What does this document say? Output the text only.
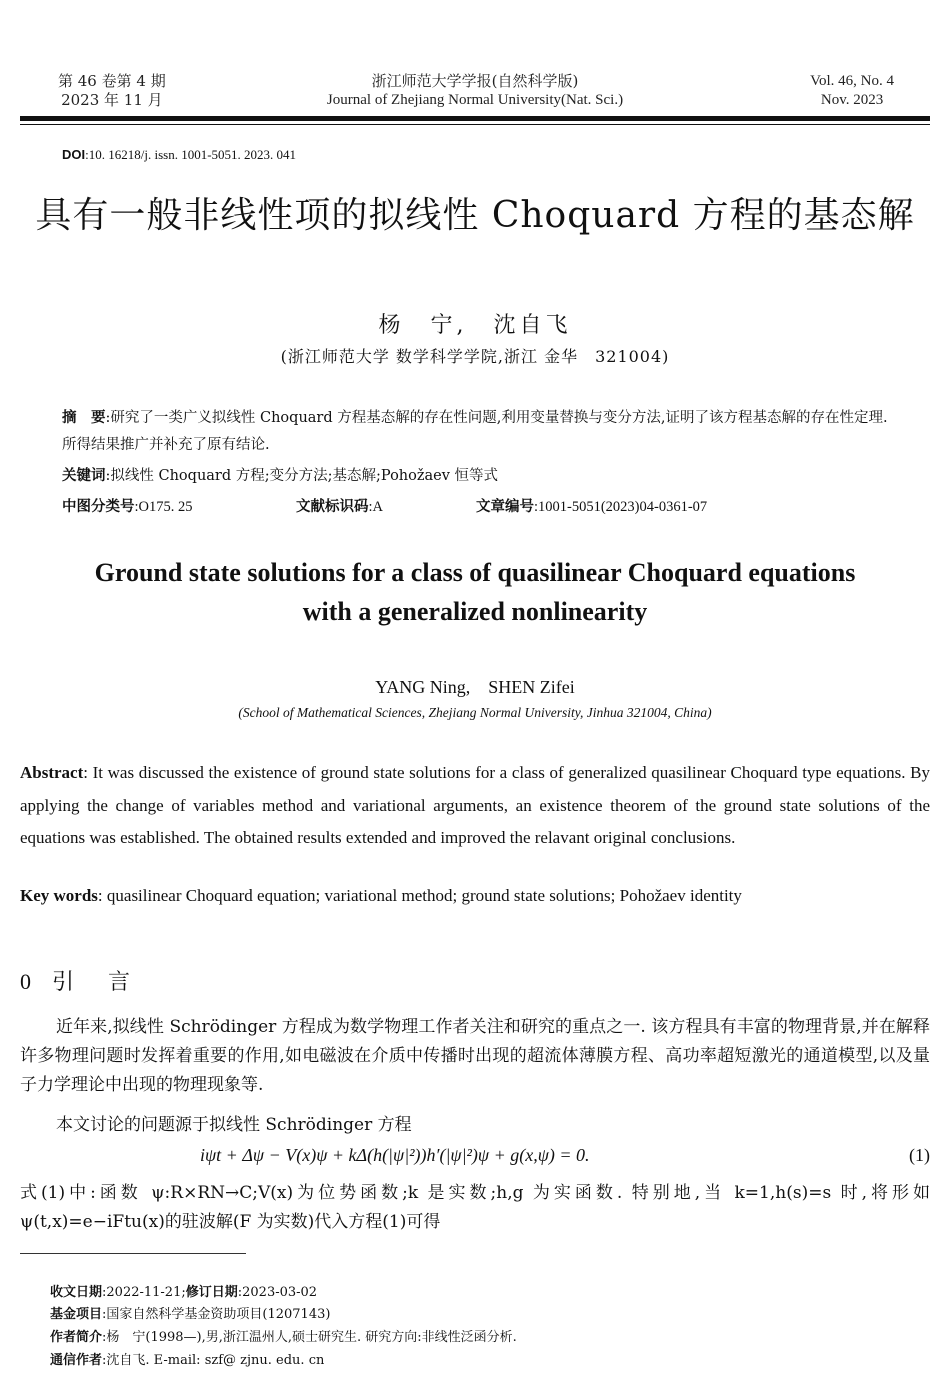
第 46 卷第 4 期
2023 年 11 月
浙江师范大学学报(自然科学版)
Journal of Zhejiang Normal University(Nat. Sci.)
Vol. 46, No. 4
Nov. 2023
DOI:10. 16218/j. issn. 1001-5051. 2023. 041
具有一般非线性项的拟线性 Choquard 方程的基态解
杨　宁,　沈自飞
(浙江师范大学 数学科学学院,浙江 金华　321004)
摘　要:研究了一类广义拟线性 Choquard 方程基态解的存在性问题,利用变量替换与变分方法,证明了该方程基态解的存在性定理. 所得结果推广并补充了原有结论.
关键词:拟线性 Choquard 方程;变分方法;基态解;Pohožaev 恒等式
中图分类号:O175. 25	文献标识码:A	文章编号:1001-5051(2023)04-0361-07
Ground state solutions for a class of quasilinear Choquard equations
with a generalized nonlinearity
YANG Ning,　SHEN Zifei
(School of Mathematical Sciences, Zhejiang Normal University, Jinhua 321004, China)
Abstract: It was discussed the existence of ground state solutions for a class of generalized quasilinear Choquard type equations. By applying the change of variables method and variational arguments, an existence theorem of the ground state solutions of the equations was established. The obtained results extended and improved the relavant original conclusions.
Key words: quasilinear Choquard equation; variational method; ground state solutions; Pohožaev identity
0 引　言
近年来,拟线性 Schrödinger 方程成为数学物理工作者关注和研究的重点之一. 该方程具有丰富的物理背景,并在解释许多物理问题时发挥着重要的作用,如电磁波在介质中传播时出现的超流体薄膜方程、高功率超短激光的通道模型,以及量子力学理论中出现的物理现象等.
本文讨论的问题源于拟线性 Schrödinger 方程
iψt + Δψ − V(x)ψ + kΔ(h(|ψ|²))h′(|ψ|²)ψ + g(x,ψ) = 0.	(1)
式(1)中:函数 ψ:R×RN→C;V(x)为位势函数;k 是实数;h,g 为实函数. 特别地,当 k=1,h(s)=s 时,将形如 ψ(t,x)=e−iFtu(x)的驻波解(F 为实数)代入方程(1)可得
收文日期:2022-11-21;修订日期:2023-03-02
基金项目:国家自然科学基金资助项目(1207143)
作者简介:杨　宁(1998—),男,浙江温州人,硕士研究生. 研究方向:非线性泛函分析.
通信作者:沈自飞. E-mail: szf@ zjnu. edu. cn
